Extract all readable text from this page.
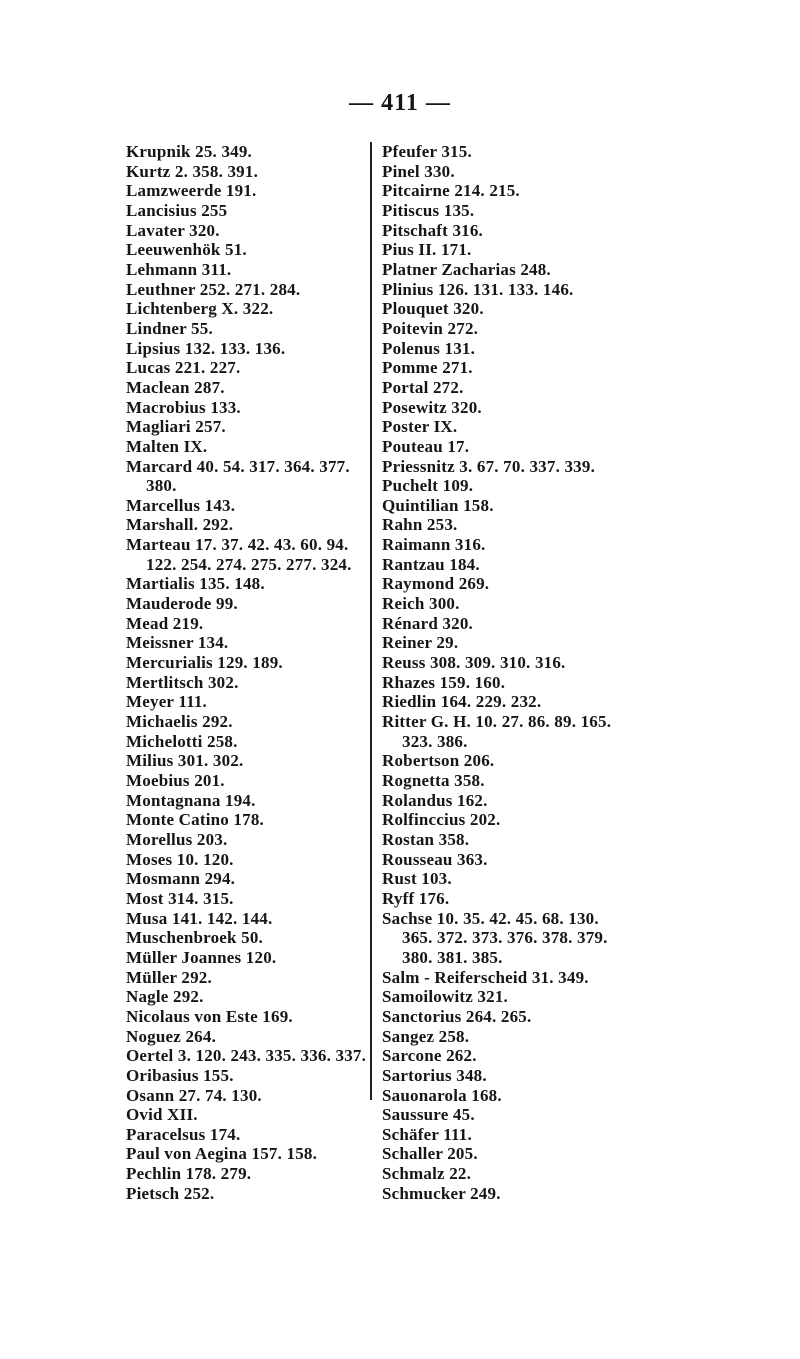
— 411 —
Krupnik 25. 349.
Kurtz 2. 358. 391.
Lamzweerde 191.
Lancisius 255
Lavater 320.
Leeuwenhök 51.
Lehmann 311.
Leuthner 252. 271. 284.
Lichtenberg X. 322.
Lindner 55.
Lipsius 132. 133. 136.
Lucas 221. 227.
Maclean 287.
Macrobius 133.
Magliari 257.
Malten IX.
Marcard 40. 54. 317. 364. 377.
380.
Marcellus 143.
Marshall. 292.
Marteau 17. 37. 42. 43. 60. 94.
122. 254. 274. 275. 277. 324.
Martialis 135. 148.
Mauderode 99.
Mead 219.
Meissner 134.
Mercurialis 129. 189.
Mertlitsch 302.
Meyer 111.
Michaelis 292.
Michelotti 258.
Milius 301. 302.
Moebius 201.
Montagnana 194.
Monte Catino 178.
Morellus 203.
Moses 10. 120.
Mosmann 294.
Most 314. 315.
Musa 141. 142. 144.
Muschenbroek 50.
Müller Joannes 120.
Müller 292.
Nagle 292.
Nicolaus von Este 169.
Noguez 264.
Oertel 3. 120. 243. 335. 336. 337.
Oribasius 155.
Osann 27. 74. 130.
Ovid XII.
Paracelsus 174.
Paul von Aegina 157. 158.
Pechlin 178. 279.
Pietsch 252.
Pfeufer 315.
Pinel 330.
Pitcairne 214. 215.
Pitiscus 135.
Pitschaft 316.
Pius II. 171.
Platner Zacharias 248.
Plinius 126. 131. 133. 146.
Plouquet 320.
Poitevin 272.
Polenus 131.
Pomme 271.
Portal 272.
Posewitz 320.
Poster IX.
Pouteau 17.
Priessnitz 3. 67. 70. 337. 339.
Puchelt 109.
Quintilian 158.
Rahn 253.
Raimann 316.
Rantzau 184.
Raymond 269.
Reich 300.
Rénard 320.
Reiner 29.
Reuss 308. 309. 310. 316.
Rhazes 159. 160.
Riedlin 164. 229. 232.
Ritter G. H. 10. 27. 86. 89. 165.
323. 386.
Robertson 206.
Rognetta 358.
Rolandus 162.
Rolfinccius 202.
Rostan 358.
Rousseau 363.
Rust 103.
Ryff 176.
Sachse 10. 35. 42. 45. 68. 130.
365. 372. 373. 376. 378. 379.
380. 381. 385.
Salm - Reiferscheid 31. 349.
Samoilowitz 321.
Sanctorius 264. 265.
Sangez 258.
Sarcone 262.
Sartorius 348.
Sauonarola 168.
Saussure 45.
Schäfer 111.
Schaller 205.
Schmalz 22.
Schmucker 249.
